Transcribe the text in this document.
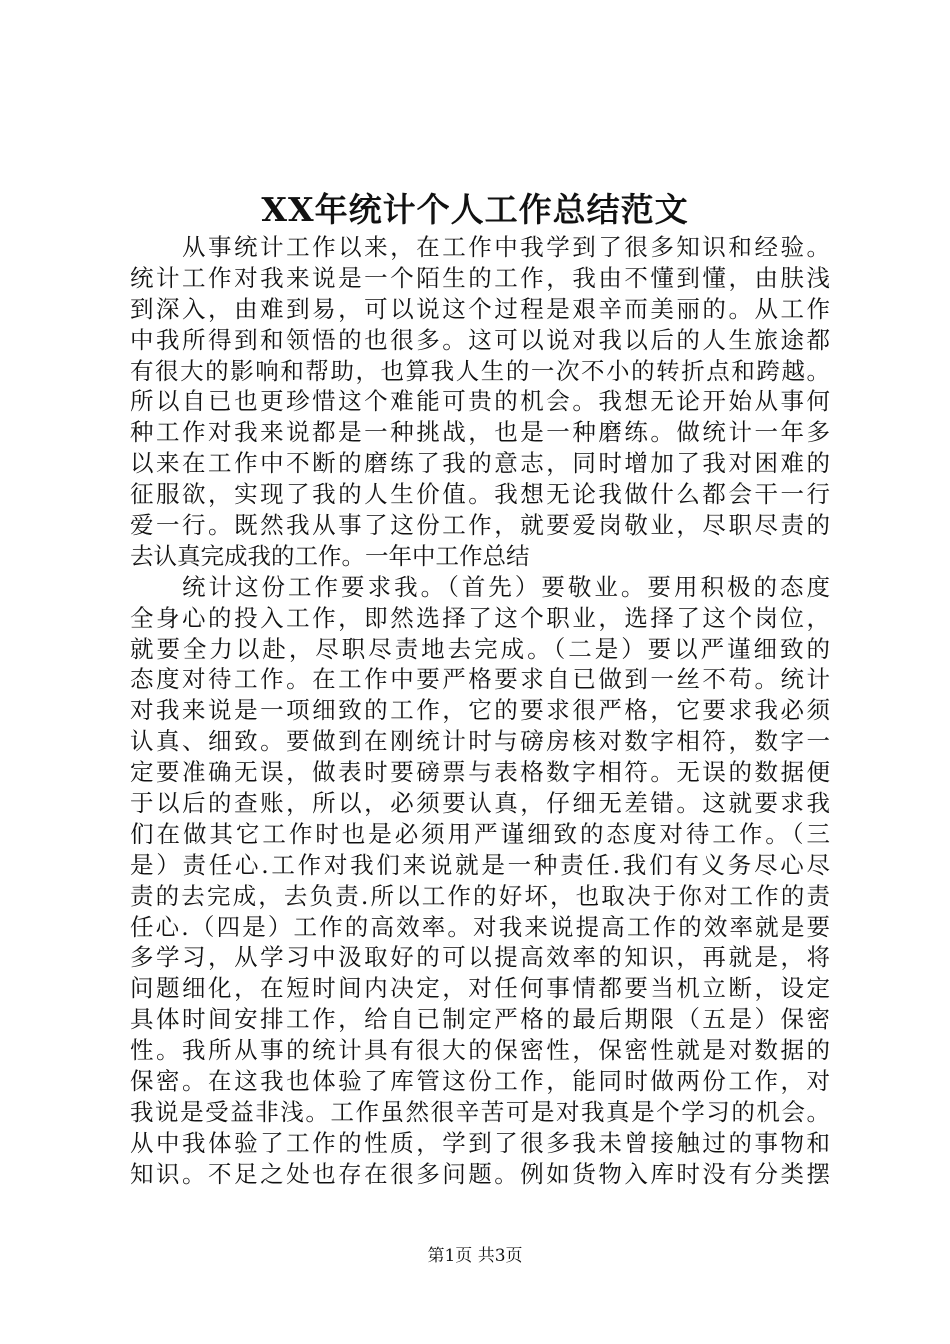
XX年统计个人工作总结范文
从事统计工作以来，在工作中我学到了很多知识和经验。
统计工作对我来说是一个陌生的工作，我由不懂到懂，由肤浅
到深入，由难到易，可以说这个过程是艰辛而美丽的。从工作
中我所得到和领悟的也很多。这可以说对我以后的人生旅途都
有很大的影响和帮助，也算我人生的一次不小的转折点和跨越。
所以自已也更珍惜这个难能可贵的机会。我想无论开始从事何
种工作对我来说都是一种挑战，也是一种磨练。做统计一年多
以来在工作中不断的磨练了我的意志，同时增加了我对困难的
征服欲，实现了我的人生价值。我想无论我做什么都会干一行
爱一行。既然我从事了这份工作，就要爱岗敬业，尽职尽责的
去认真完成我的工作。一年中工作总结
统计这份工作要求我。（首先）要敬业。要用积极的态度
全身心的投入工作，即然选择了这个职业，选择了这个岗位，
就要全力以赴，尽职尽责地去完成。（二是）要以严谨细致的
态度对待工作。在工作中要严格要求自已做到一丝不苟。统计
对我来说是一项细致的工作，它的要求很严格，它要求我必须
认真、细致。要做到在刚统计时与磅房核对数字相符，数字一
定要准确无误，做表时要磅票与表格数字相符。无误的数据便
于以后的查账，所以，必须要认真，仔细无差错。这就要求我
们在做其它工作时也是必须用严谨细致的态度对待工作。（三
是）责任心.工作对我们来说就是一种责任.我们有义务尽心尽
责的去完成，去负责.所以工作的好坏，也取决于你对工作的责
任心.（四是）工作的高效率。对我来说提高工作的效率就是要
多学习，从学习中汲取好的可以提高效率的知识，再就是，将
问题细化，在短时间内决定，对任何事情都要当机立断，设定
具体时间安排工作，给自已制定严格的最后期限（五是）保密
性。我所从事的统计具有很大的保密性，保密性就是对数据的
保密。在这我也体验了库管这份工作，能同时做两份工作，对
我说是受益非浅。工作虽然很辛苦可是对我真是个学习的机会。
从中我体验了工作的性质，学到了很多我未曾接触过的事物和
知识。不足之处也存在很多问题。例如货物入库时没有分类摆
第1页 共3页
